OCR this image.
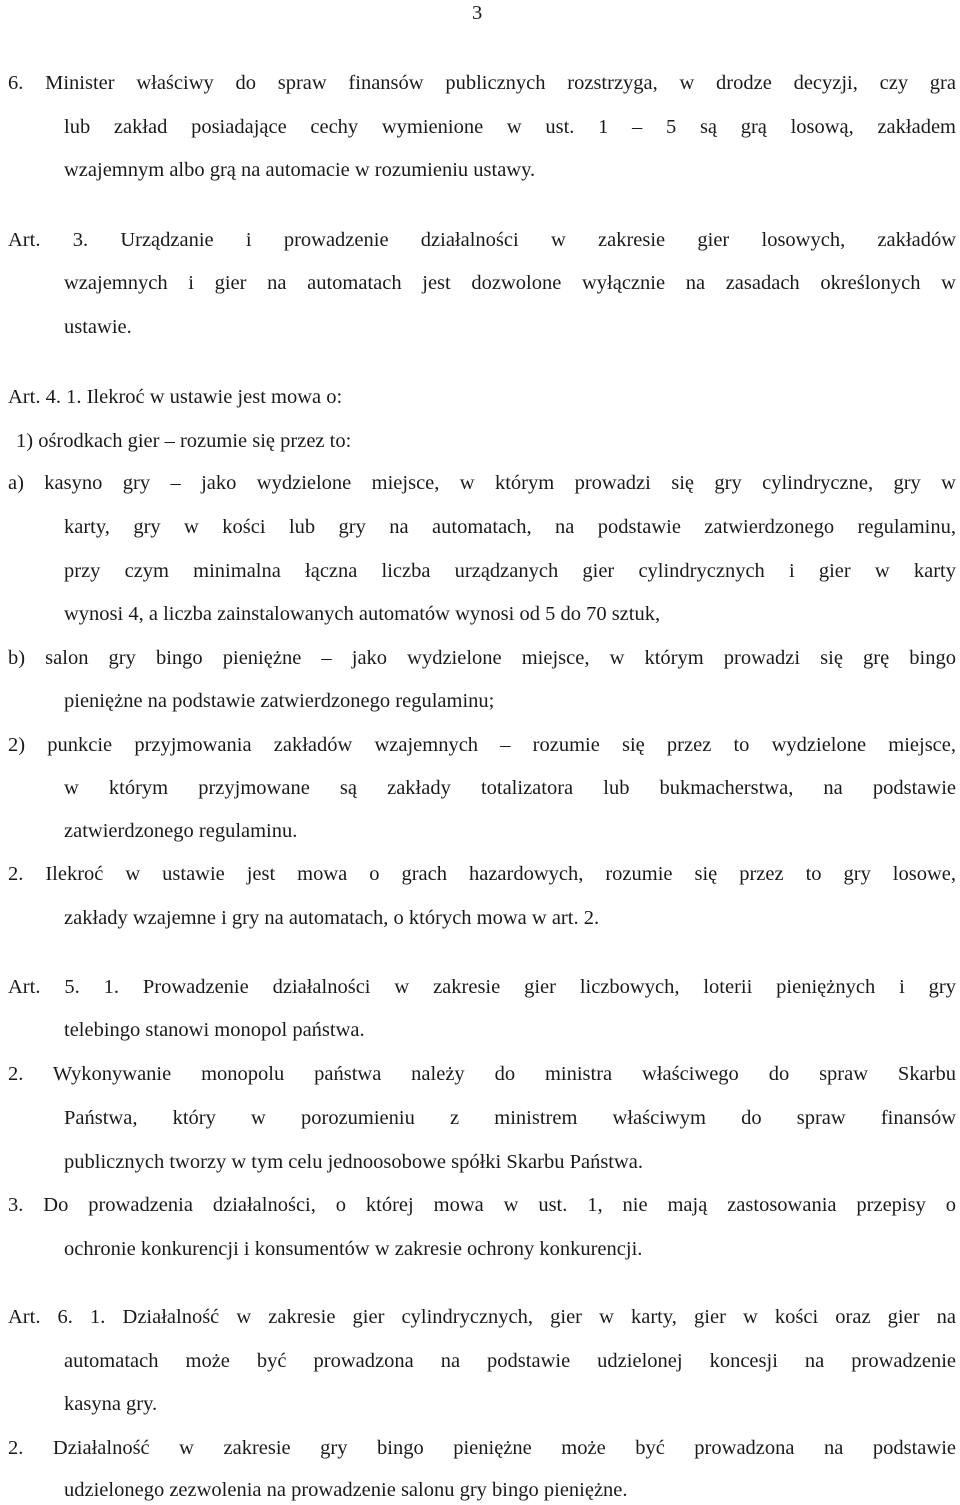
3
6. Minister właściwy do spraw finansów publicznych rozstrzyga, w drodze decyzji, czy gra
lub zakład posiadające cechy wymienione w ust. 1 – 5 są grą losową, zakładem
wzajemnym albo grą na automacie w rozumieniu ustawy.
Art. 3. Urządzanie i prowadzenie działalności w zakresie gier losowych, zakładów
wzajemnych i gier na automatach jest dozwolone wyłącznie na zasadach określonych w
ustawie.
Art. 4. 1. Ilekroć w ustawie jest mowa o:
1) ośrodkach gier – rozumie się przez to:
a) kasyno gry – jako wydzielone miejsce, w którym prowadzi się gry cylindryczne, gry w
karty, gry w kości lub gry na automatach, na podstawie zatwierdzonego regulaminu,
przy czym minimalna łączna liczba urządzanych gier cylindrycznych i gier w karty
wynosi 4, a liczba zainstalowanych automatów wynosi od 5 do 70 sztuk,
b) salon gry bingo pieniężne – jako wydzielone miejsce, w którym prowadzi się grę bingo
pieniężne na podstawie zatwierdzonego regulaminu;
2) punkcie przyjmowania zakładów wzajemnych – rozumie się przez to wydzielone miejsce,
w którym przyjmowane są zakłady totalizatora lub bukmacherstwa, na podstawie
zatwierdzonego regulaminu.
2. Ilekroć w ustawie jest mowa o grach hazardowych, rozumie się przez to gry losowe,
zakłady wzajemne i gry na automatach, o których mowa w art. 2.
Art. 5. 1. Prowadzenie działalności w zakresie gier liczbowych, loterii pieniężnych i gry
telebingo stanowi monopol państwa.
2. Wykonywanie monopolu państwa należy do ministra właściwego do spraw Skarbu
Państwa, który w porozumieniu z ministrem właściwym do spraw finansów
publicznych tworzy w tym celu jednoosobowe spółki Skarbu Państwa.
3. Do prowadzenia działalności, o której mowa w ust. 1, nie mają zastosowania przepisy o
ochronie konkurencji i konsumentów w zakresie ochrony konkurencji.
Art. 6. 1. Działalność w zakresie gier cylindrycznych, gier w karty, gier w kości oraz gier na
automatach może być prowadzona na podstawie udzielonej koncesji na prowadzenie
kasyna gry.
2. Działalność w zakresie gry bingo pieniężne może być prowadzona na podstawie
udzielonego zezwolenia na prowadzenie salonu gry bingo pieniężne.
